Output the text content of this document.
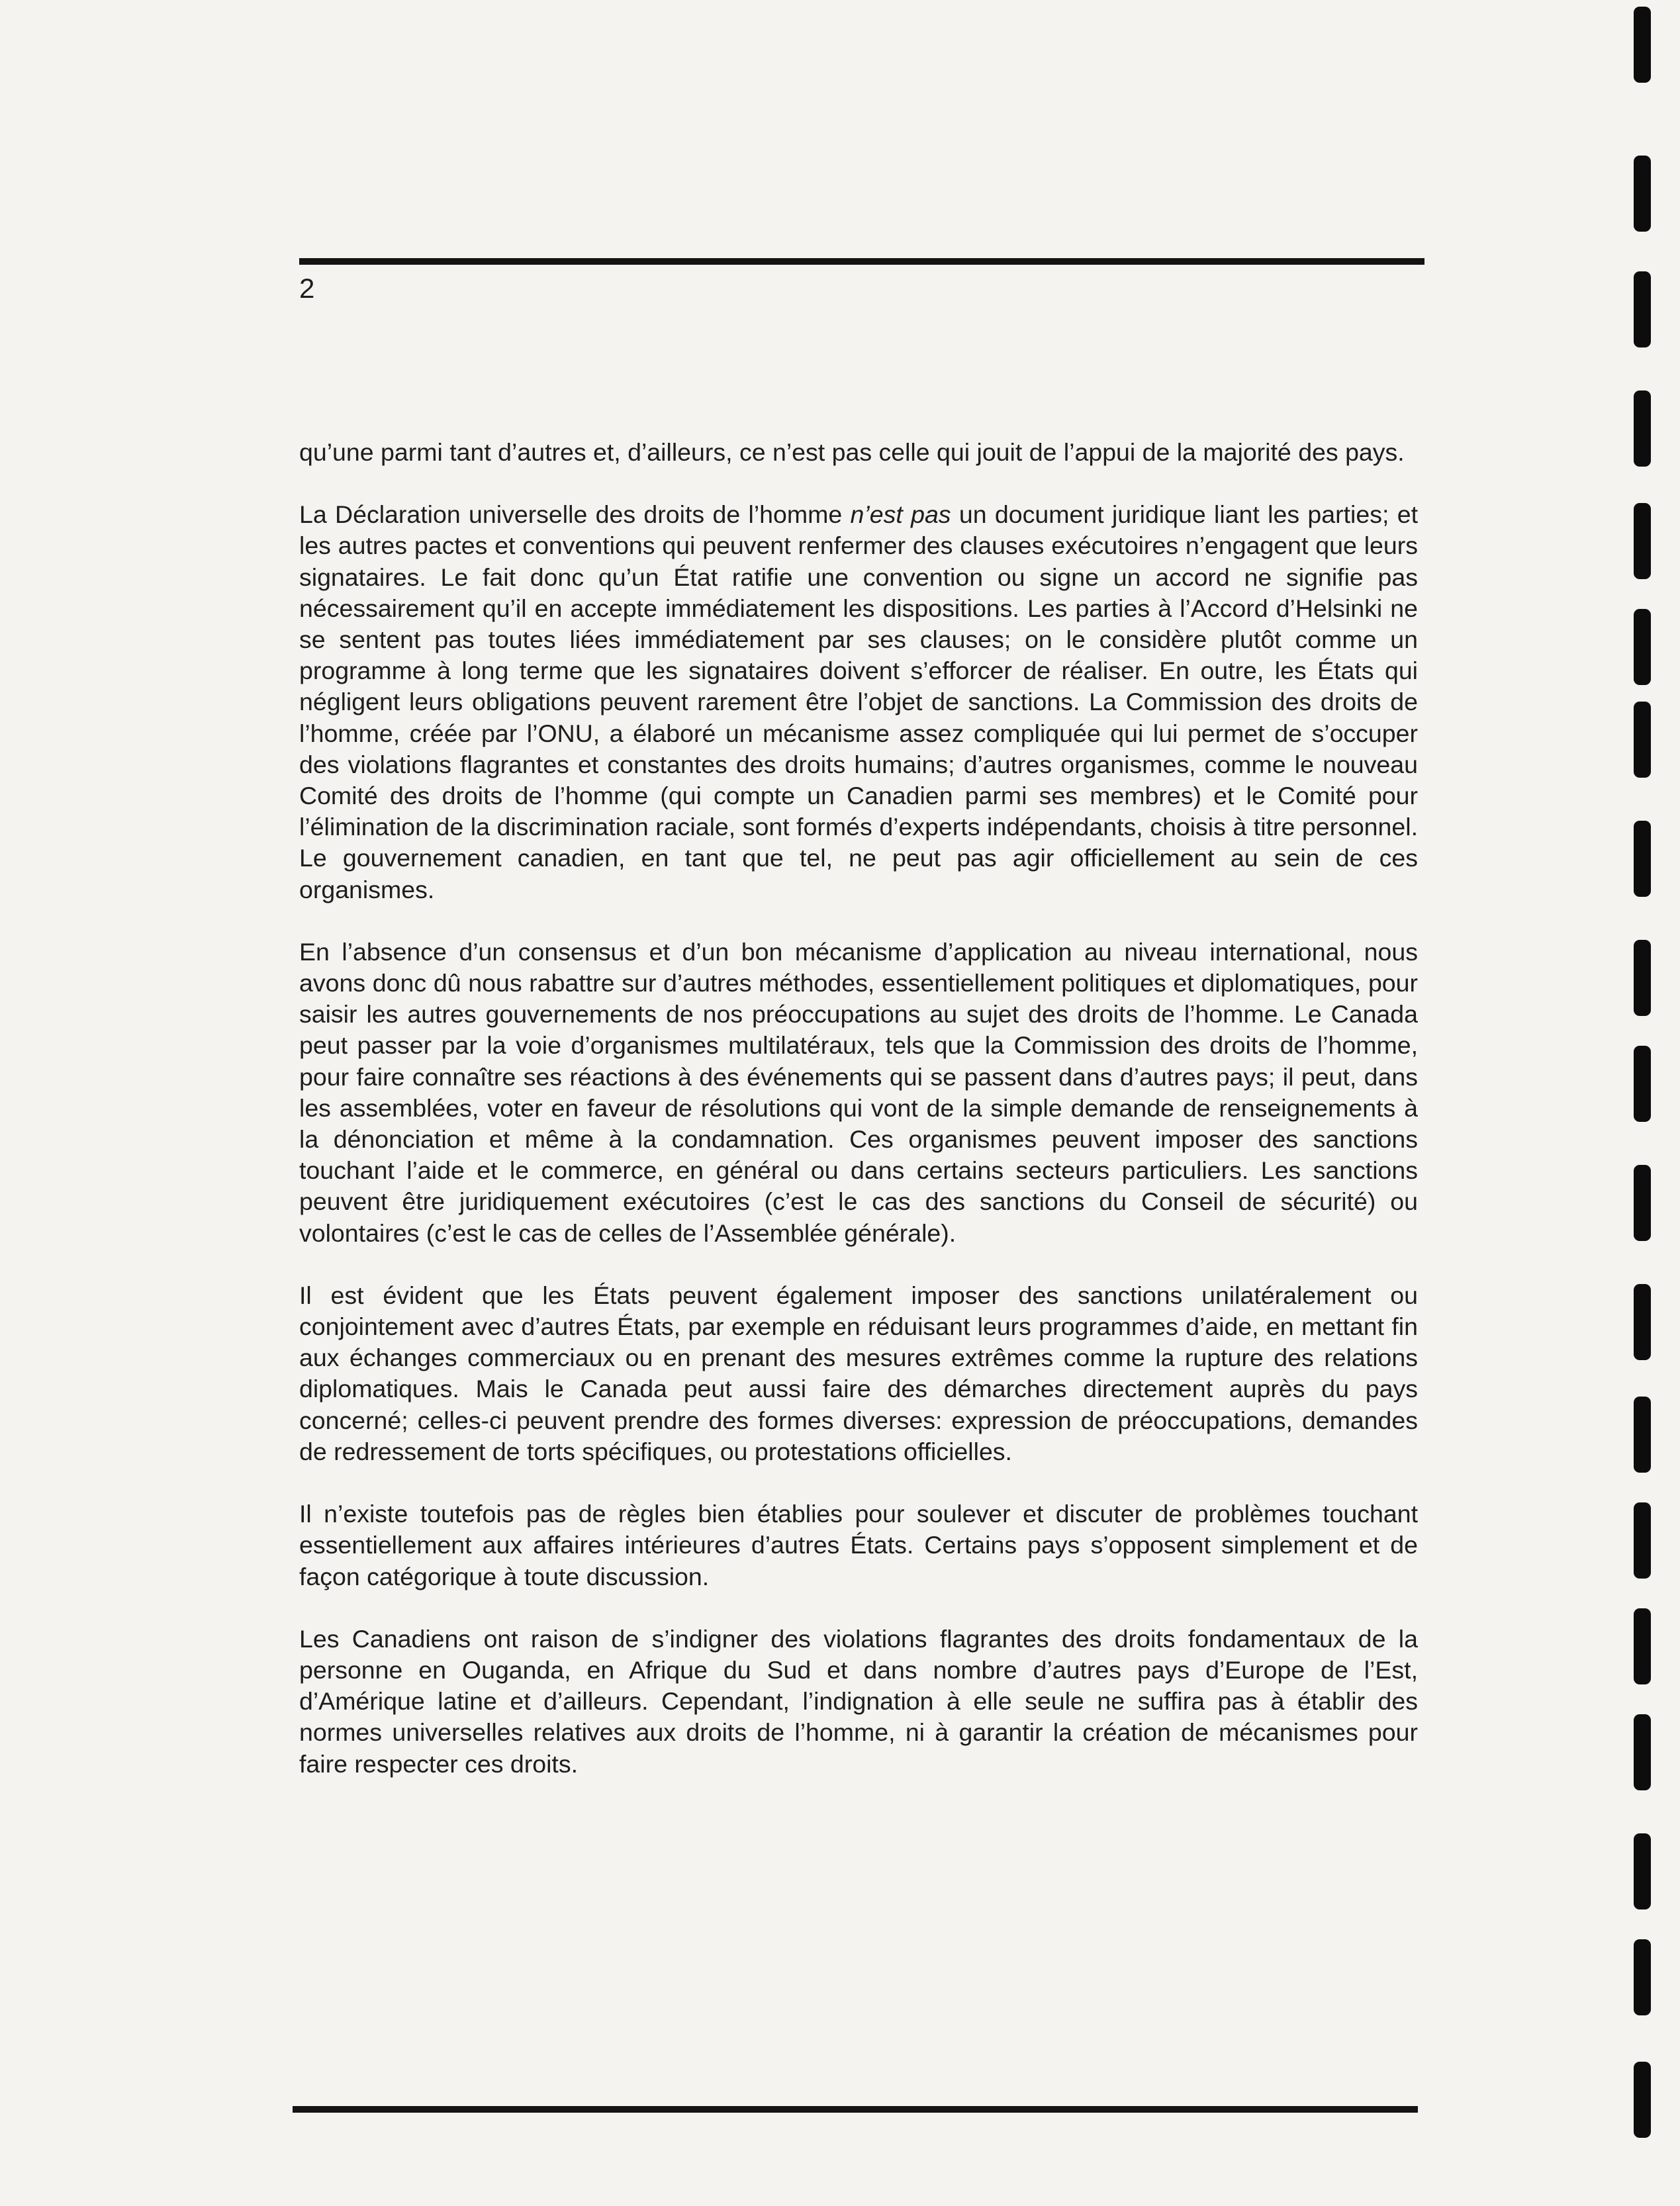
2

qu’une parmi tant d’autres et, d’ailleurs, ce n’est pas celle qui jouit de l’appui de la majorité des pays.

La Déclaration universelle des droits de l’homme n’est pas un document juridique liant les parties; et les autres pactes et conventions qui peuvent renfermer des clauses exécutoires n’engagent que leurs signataires. Le fait donc qu’un État ratifie une convention ou signe un accord ne signifie pas nécessairement qu’il en accepte immédiatement les dispositions. Les parties à l’Accord d’Helsinki ne se sentent pas toutes liées immédiatement par ses clauses; on le considère plutôt comme un programme à long terme que les signataires doivent s’efforcer de réaliser. En outre, les États qui négligent leurs obligations peuvent rarement être l’objet de sanctions. La Commission des droits de l’homme, créée par l’ONU, a élaboré un mécanisme assez compliquée qui lui permet de s’occuper des violations flagrantes et constantes des droits humains; d’autres organismes, comme le nouveau Comité des droits de l’homme (qui compte un Canadien parmi ses membres) et le Comité pour l’élimination de la discrimination raciale, sont formés d’experts indépendants, choisis à titre personnel. Le gouvernement canadien, en tant que tel, ne peut pas agir officiellement au sein de ces organismes.

En l’absence d’un consensus et d’un bon mécanisme d’application au niveau international, nous avons donc dû nous rabattre sur d’autres méthodes, essentiellement politiques et diplomatiques, pour saisir les autres gouvernements de nos préoccupations au sujet des droits de l’homme. Le Canada peut passer par la voie d’organismes multilatéraux, tels que la Commission des droits de l’homme, pour faire connaître ses réactions à des événements qui se passent dans d’autres pays; il peut, dans les assemblées, voter en faveur de résolutions qui vont de la simple demande de renseignements à la dénonciation et même à la condamnation. Ces organismes peuvent imposer des sanctions touchant l’aide et le commerce, en général ou dans certains secteurs particuliers. Les sanctions peuvent être juridiquement exécutoires (c’est le cas des sanctions du Conseil de sécurité) ou volontaires (c’est le cas de celles de l’Assemblée générale).

Il est évident que les États peuvent également imposer des sanctions unilatéralement ou conjointement avec d’autres États, par exemple en réduisant leurs programmes d’aide, en mettant fin aux échanges commerciaux ou en prenant des mesures extrêmes comme la rupture des relations diplomatiques. Mais le Canada peut aussi faire des démarches directement auprès du pays concerné; celles-ci peuvent prendre des formes diverses: expression de préoccupations, demandes de redressement de torts spécifiques, ou protestations officielles.

Il n’existe toutefois pas de règles bien établies pour soulever et discuter de problèmes touchant essentiellement aux affaires intérieures d’autres États. Certains pays s’opposent simplement et de façon catégorique à toute discussion.

Les Canadiens ont raison de s’indigner des violations flagrantes des droits fondamentaux de la personne en Ouganda, en Afrique du Sud et dans nombre d’autres pays d’Europe de l’Est, d’Amérique latine et d’ailleurs. Cependant, l’indignation à elle seule ne suffira pas à établir des normes universelles relatives aux droits de l’homme, ni à garantir la création de mécanismes pour faire respecter ces droits.
